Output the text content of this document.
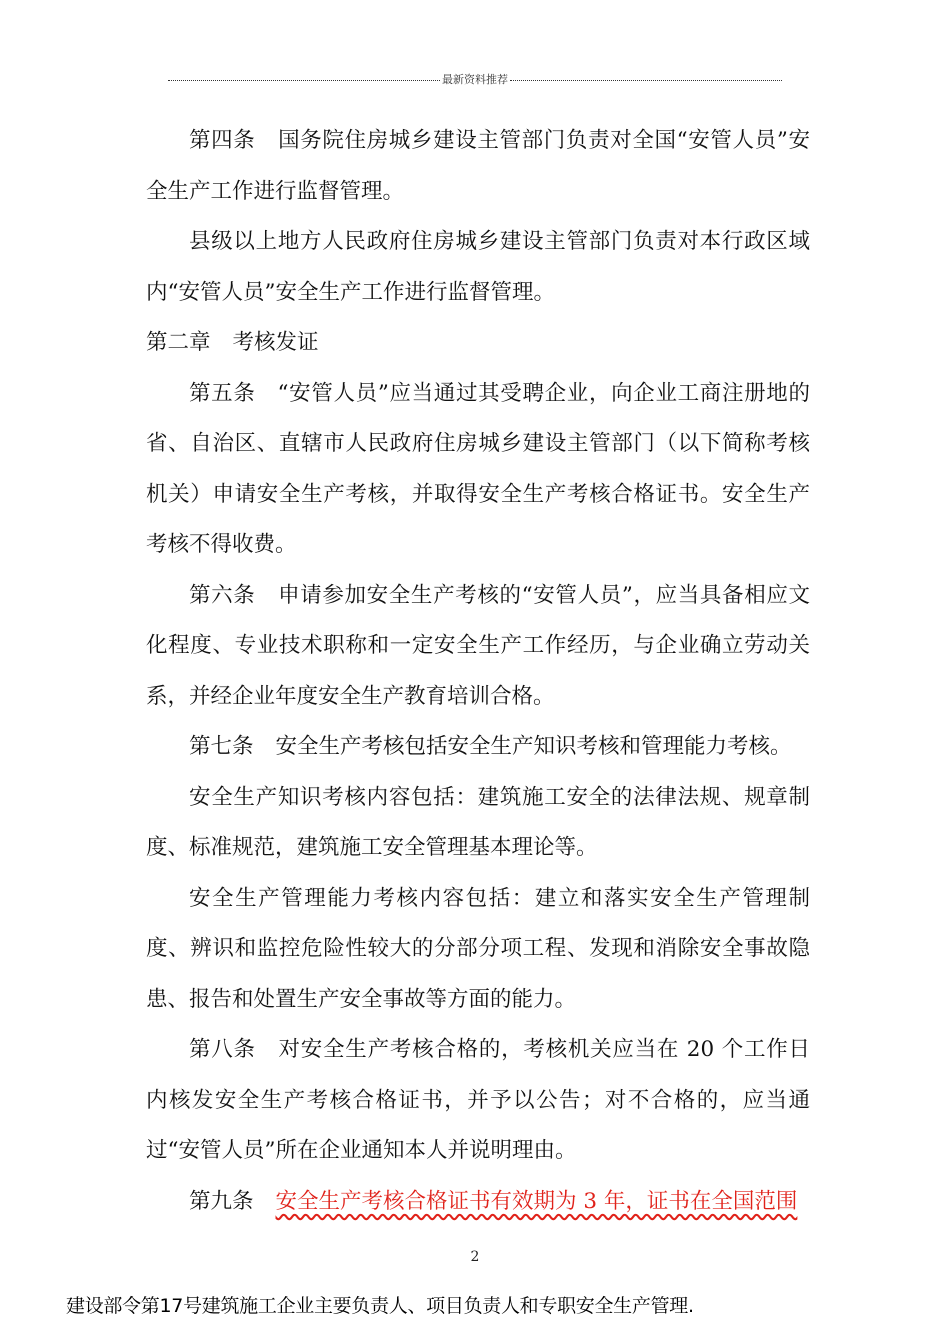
最新资料推荐

第四条 国务院住房城乡建设主管部门负责对全国“安管人员”安全生产工作进行监督管理。

县级以上地方人民政府住房城乡建设主管部门负责对本行政区域内“安管人员”安全生产工作进行监督管理。

第二章 考核发证

第五条 “安管人员”应当通过其受聘企业，向企业工商注册地的省、自治区、直辖市人民政府住房城乡建设主管部门（以下简称考核机关）申请安全生产考核，并取得安全生产考核合格证书。安全生产考核不得收费。

第六条 申请参加安全生产考核的“安管人员”，应当具备相应文化程度、专业技术职称和一定安全生产工作经历，与企业确立劳动关系，并经企业年度安全生产教育培训合格。

第七条 安全生产考核包括安全生产知识考核和管理能力考核。

安全生产知识考核内容包括：建筑施工安全的法律法规、规章制度、标准规范，建筑施工安全管理基本理论等。

安全生产管理能力考核内容包括：建立和落实安全生产管理制度、辨识和监控危险性较大的分部分项工程、发现和消除安全事故隐患、报告和处置生产安全事故等方面的能力。

第八条 对安全生产考核合格的，考核机关应当在 20 个工作日内核发安全生产考核合格证书，并予以公告；对不合格的，应当通过“安管人员”所在企业通知本人并说明理由。

第九条 安全生产考核合格证书有效期为 3 年，证书在全国范围

2
建设部令第17号建筑施工企业主要负责人、项目负责人和专职安全生产管理.
